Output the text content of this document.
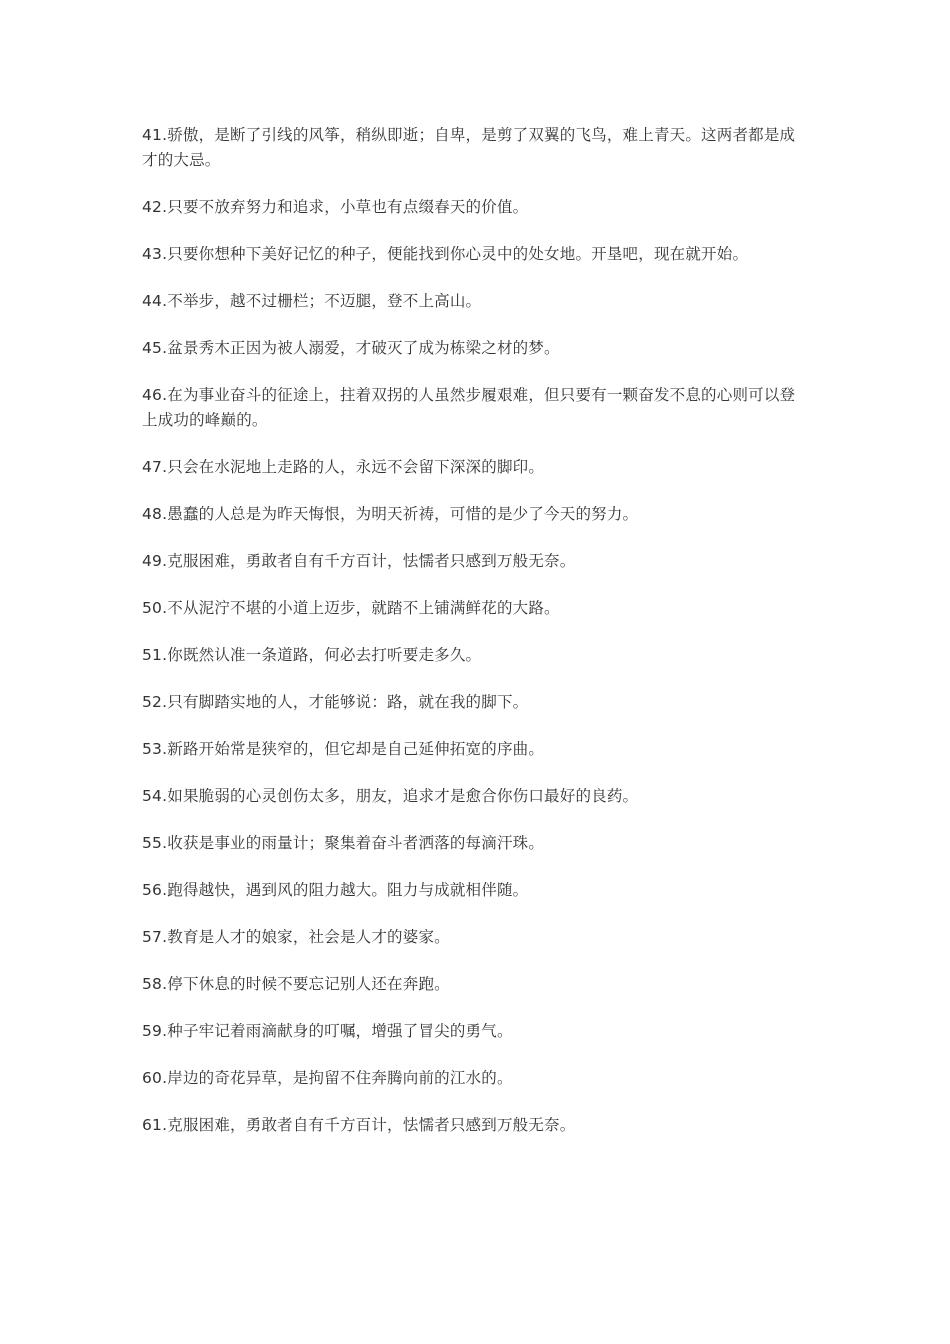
41.骄傲，是断了引线的风筝，稍纵即逝；自卑，是剪了双翼的飞鸟，难上青天。这两者都是成才的大忌。

42.只要不放弃努力和追求，小草也有点缀春天的价值。

43.只要你想种下美好记忆的种子，便能找到你心灵中的处女地。开垦吧，现在就开始。

44.不举步，越不过栅栏；不迈腿，登不上高山。

45.盆景秀木正因为被人溺爱，才破灭了成为栋梁之材的梦。

46.在为事业奋斗的征途上，拄着双拐的人虽然步履艰难，但只要有一颗奋发不息的心则可以登上成功的峰巅的。

47.只会在水泥地上走路的人，永远不会留下深深的脚印。

48.愚蠢的人总是为昨天悔恨，为明天祈祷，可惜的是少了今天的努力。

49.克服困难，勇敢者自有千方百计，怯懦者只感到万般无奈。

50.不从泥泞不堪的小道上迈步，就踏不上铺满鲜花的大路。

51.你既然认准一条道路，何必去打听要走多久。

52.只有脚踏实地的人，才能够说：路，就在我的脚下。

53.新路开始常是狭窄的，但它却是自己延伸拓宽的序曲。

54.如果脆弱的心灵创伤太多，朋友，追求才是愈合你伤口最好的良药。

55.收获是事业的雨量计；聚集着奋斗者洒落的每滴汗珠。

56.跑得越快，遇到风的阻力越大。阻力与成就相伴随。

57.教育是人才的娘家，社会是人才的婆家。

58.停下休息的时候不要忘记别人还在奔跑。

59.种子牢记着雨滴献身的叮嘱，增强了冒尖的勇气。

60.岸边的奇花异草，是拘留不住奔腾向前的江水的。

61.克服困难，勇敢者自有千方百计，怯懦者只感到万般无奈。
